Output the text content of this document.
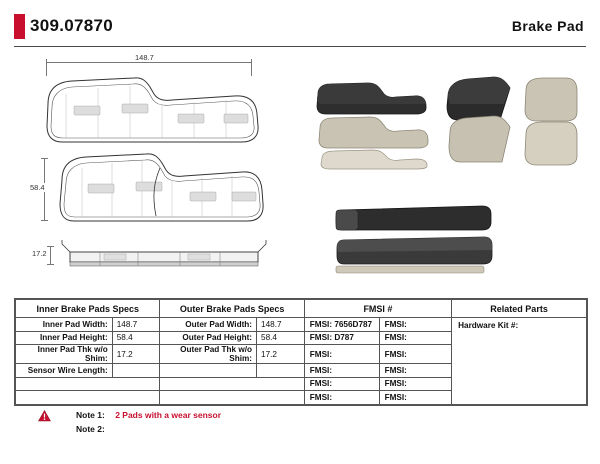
309.07870	Brake Pad
148.7
58.4
17.2
Inner Brake Pads Specs		Outer Brake Pads Specs		FMSI #		Related Parts
Inner Pad Width:	148.7	Outer Pad Width:	148.7	FMSI: 7656D787	FMSI:	Hardware Kit #:
Inner Pad Height:	58.4	Outer Pad Height:	58.4	FMSI: D787	FMSI:	
Inner Pad Thk w/o Shim:	17.2	Outer Pad Thk w/o Shim:	17.2	FMSI:	FMSI:	
Sensor Wire Length:				FMSI:	FMSI:	
				FMSI:	FMSI:	
				FMSI:	FMSI:	
Note 1: 2 Pads with a wear sensor
Note 2:
